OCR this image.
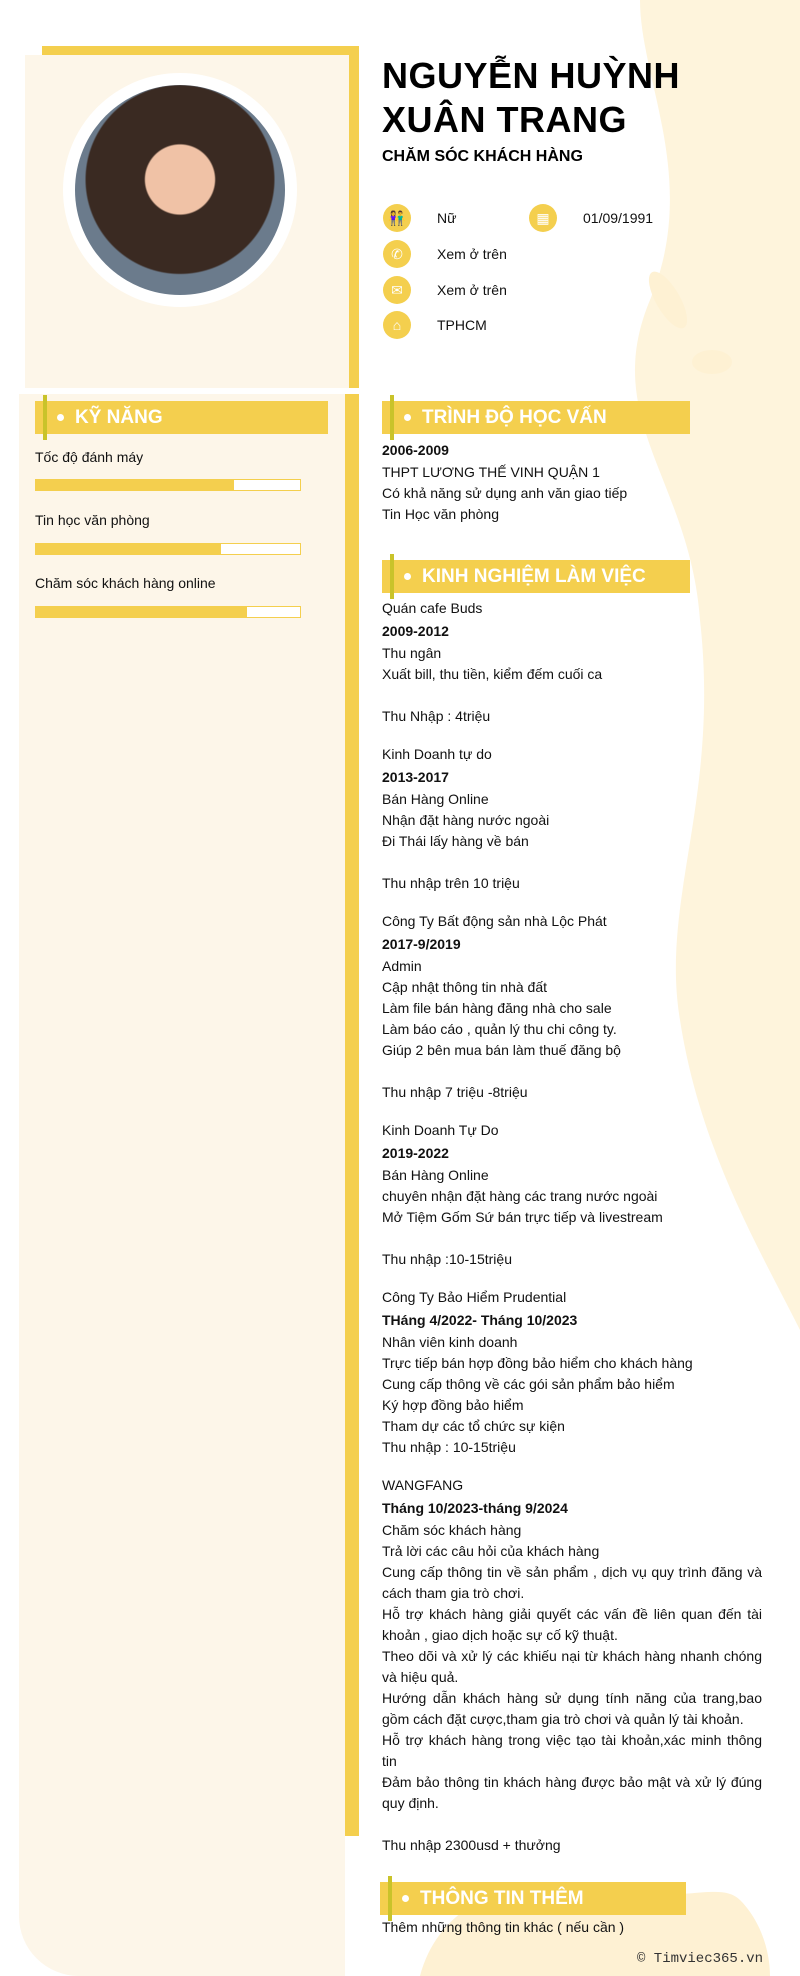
NGUYỄN HUỲNH
XUÂN TRANG
CHĂM SÓC KHÁCH HÀNG
👫	Nữ	▦	01/09/1991
✆	Xem ở trên
✉	Xem ở trên
⌂	TPHCM
KỸ NĂNG
Tốc độ đánh máy
Tin học văn phòng
Chăm sóc khách hàng online
TRÌNH ĐỘ HỌC VẤN
2006-2009
THPT LƯƠNG THẾ VINH QUẬN 1
Có khả năng sử dụng anh văn giao tiếp
Tin Học văn phòng
KINH NGHIỆM LÀM VIỆC
Quán cafe Buds
2009-2012
Thu ngân
Xuất bill, thu tiền, kiểm đếm cuối ca
Thu Nhập : 4triệu
Kinh Doanh tự do
2013-2017
Bán Hàng Online
Nhận đặt hàng nước ngoài
Đi Thái lấy hàng về bán
Thu nhập trên 10 triệu
Công Ty Bất động sản nhà Lộc Phát
2017-9/2019
Admin
Cập nhật thông tin nhà đất
Làm file bán hàng đăng nhà cho sale
Làm báo cáo , quản lý thu chi công ty.
Giúp 2 bên mua bán làm thuế đăng bộ
Thu nhập 7 triệu -8triệu
Kinh Doanh Tự Do
2019-2022
Bán Hàng Online
chuyên nhận đặt hàng các trang nước ngoài
Mở Tiệm Gốm Sứ bán trực tiếp và livestream
Thu nhập :10-15triệu
Công Ty Bảo Hiểm Prudential
THáng 4/2022- Tháng 10/2023
Nhân viên kinh doanh
Trực tiếp bán hợp đồng bảo hiểm cho khách hàng
Cung cấp thông về các gói sản phẩm bảo hiểm
Ký hợp đồng bảo hiểm
Tham dự các tổ chức sự kiện
Thu nhập : 10-15triệu
WANGFANG
Tháng 10/2023-tháng 9/2024
Chăm sóc khách hàng
Trả lời các câu hỏi của khách hàng
Cung cấp thông tin về sản phẩm , dịch vụ quy trình đăng và cách tham gia trò chơi.
Hỗ trợ khách hàng giải quyết các vấn đề liên quan đến tài khoản , giao dịch hoặc sự cố kỹ thuật.
Theo dõi và xử lý các khiếu nại từ khách hàng nhanh chóng và hiệu quả.
Hướng dẫn khách hàng sử dụng tính năng của trang,bao gồm cách đặt cược,tham gia trò chơi và quản lý tài khoản.
Hỗ trợ khách hàng trong việc tạo tài khoản,xác minh thông tin
Đảm bảo thông tin khách hàng được bảo mật và xử lý đúng quy định.
Thu nhập 2300usd + thưởng
THÔNG TIN THÊM
Thêm những thông tin khác ( nếu cần )
© Timviec365.vn
